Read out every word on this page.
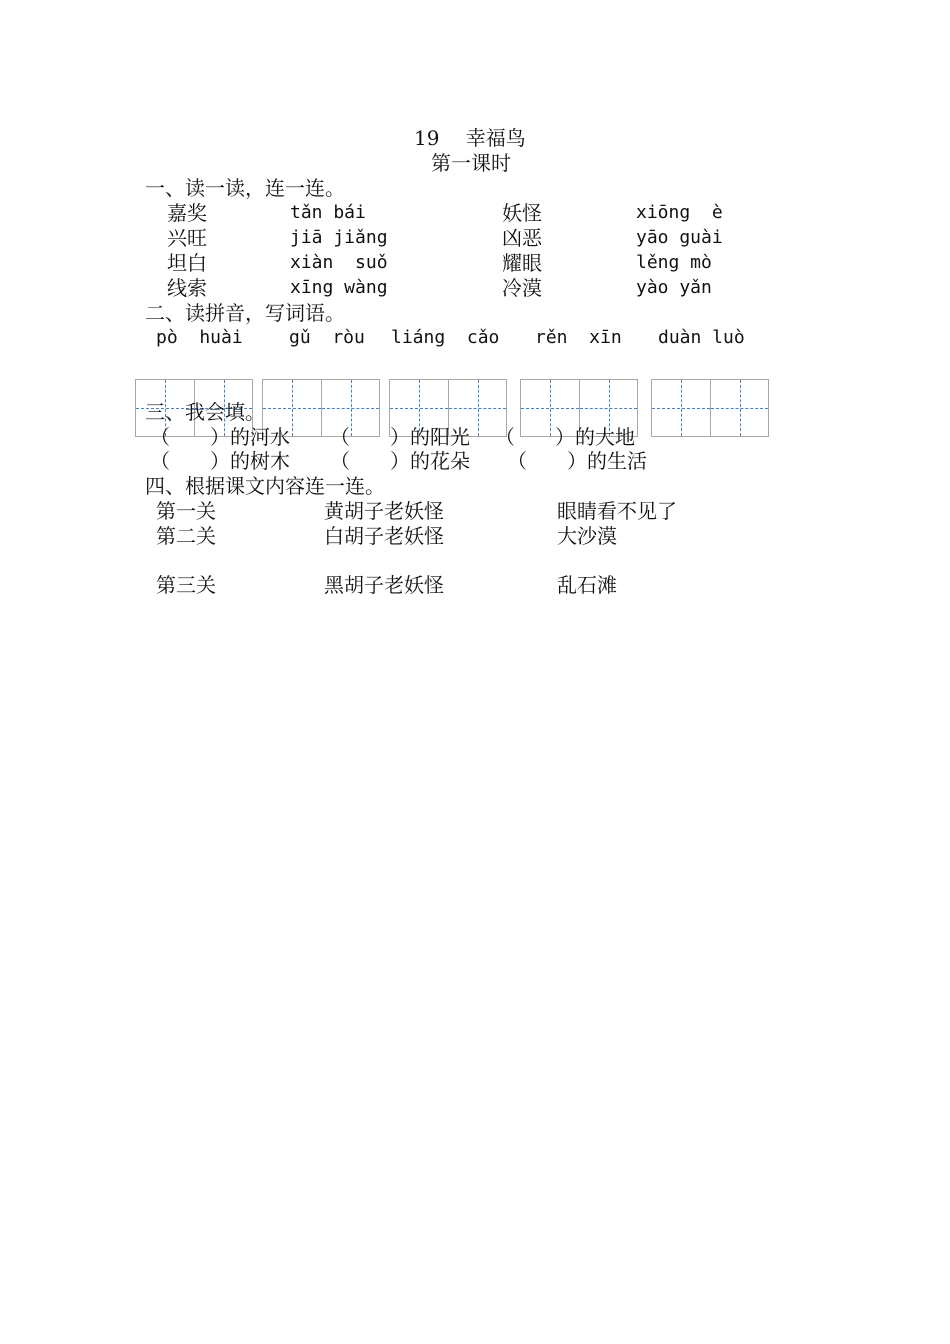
19　 幸福鸟
第一课时
一、读一读，连一连。
嘉奖
兴旺
坦白
线索
tǎn bái
jiā jiǎng
xiàn  suǒ
xīng wàng
妖怪
凶恶
耀眼
冷漠
xiōng  è
yāo guài
lěng mò
yào yǎn
二、读拼音，写词语。
pò  huài	gǔ  ròu liáng  cǎo rěn  xīn duàn luò
三、我会填。
（　　）的河水 （　　）的阳光 （　　）的大地
（　　）的树木 （　　）的花朵 （　　）的生活
四、根据课文内容连一连。
第一关
第二关
第三关
黄胡子老妖怪
白胡子老妖怪
黑胡子老妖怪
眼睛看不见了
大沙漠
乱石滩
